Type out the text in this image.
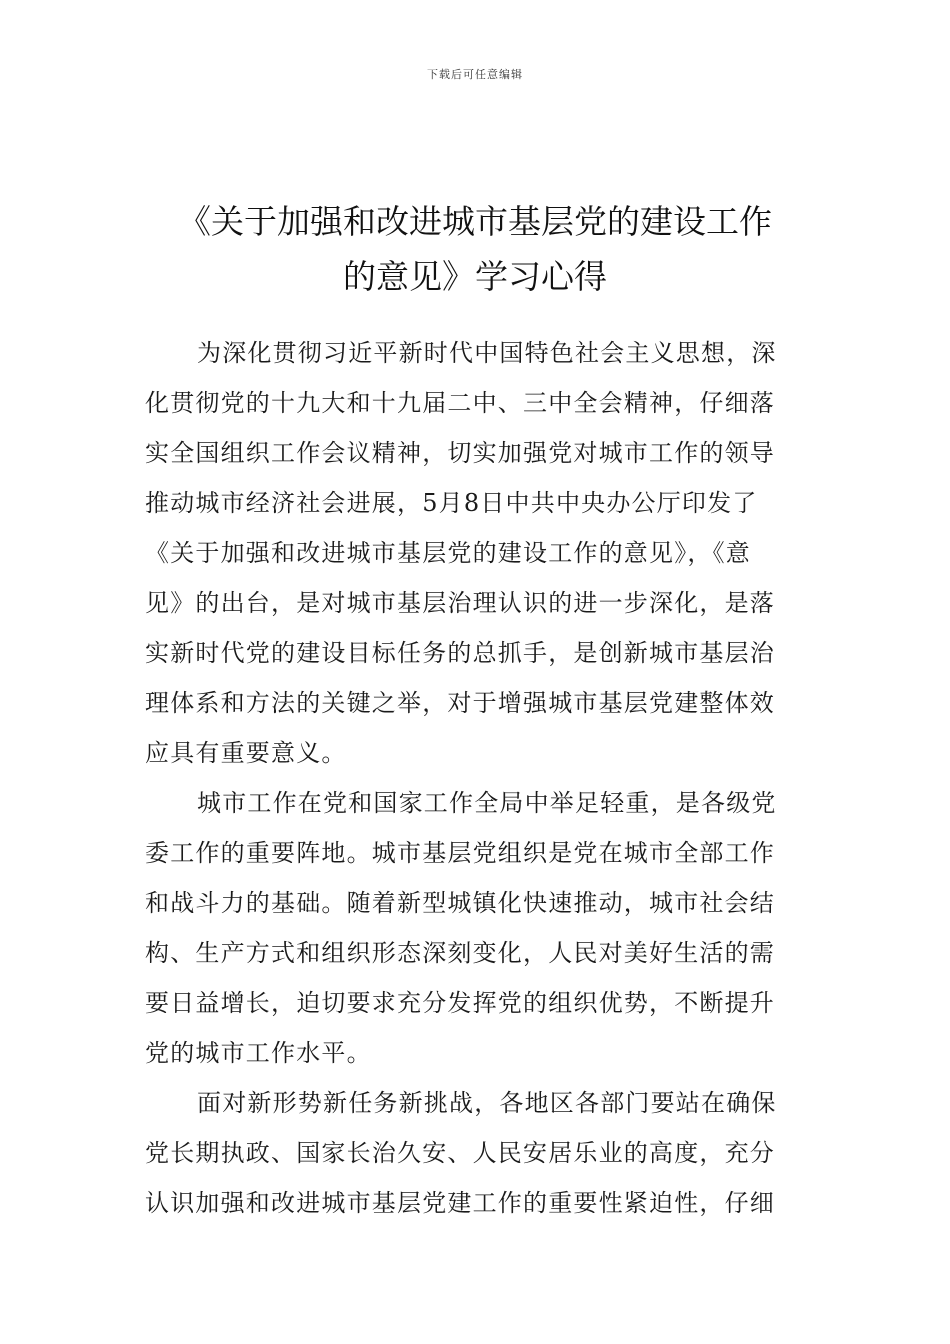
下载后可任意编辑
《关于加强和改进城市基层党的建设工作
的意见》学习心得
为深化贯彻习近平新时代中国特色社会主义思想，深
化贯彻党的十九大和十九届二中、三中全会精神，仔细落
实全国组织工作会议精神，切实加强党对城市工作的领导
推动城市经济社会进展，5月8日中共中央办公厅印发了
《关于加强和改进城市基层党的建设工作的意见》，《意
见》的出台，是对城市基层治理认识的进一步深化，是落
实新时代党的建设目标任务的总抓手，是创新城市基层治
理体系和方法的关键之举，对于增强城市基层党建整体效
应具有重要意义。
城市工作在党和国家工作全局中举足轻重，是各级党
委工作的重要阵地。城市基层党组织是党在城市全部工作
和战斗力的基础。随着新型城镇化快速推动，城市社会结
构、生产方式和组织形态深刻变化，人民对美好生活的需
要日益增长，迫切要求充分发挥党的组织优势，不断提升
党的城市工作水平。
面对新形势新任务新挑战，各地区各部门要站在确保
党长期执政、国家长治久安、人民安居乐业的高度，充分
认识加强和改进城市基层党建工作的重要性紧迫性，仔细
